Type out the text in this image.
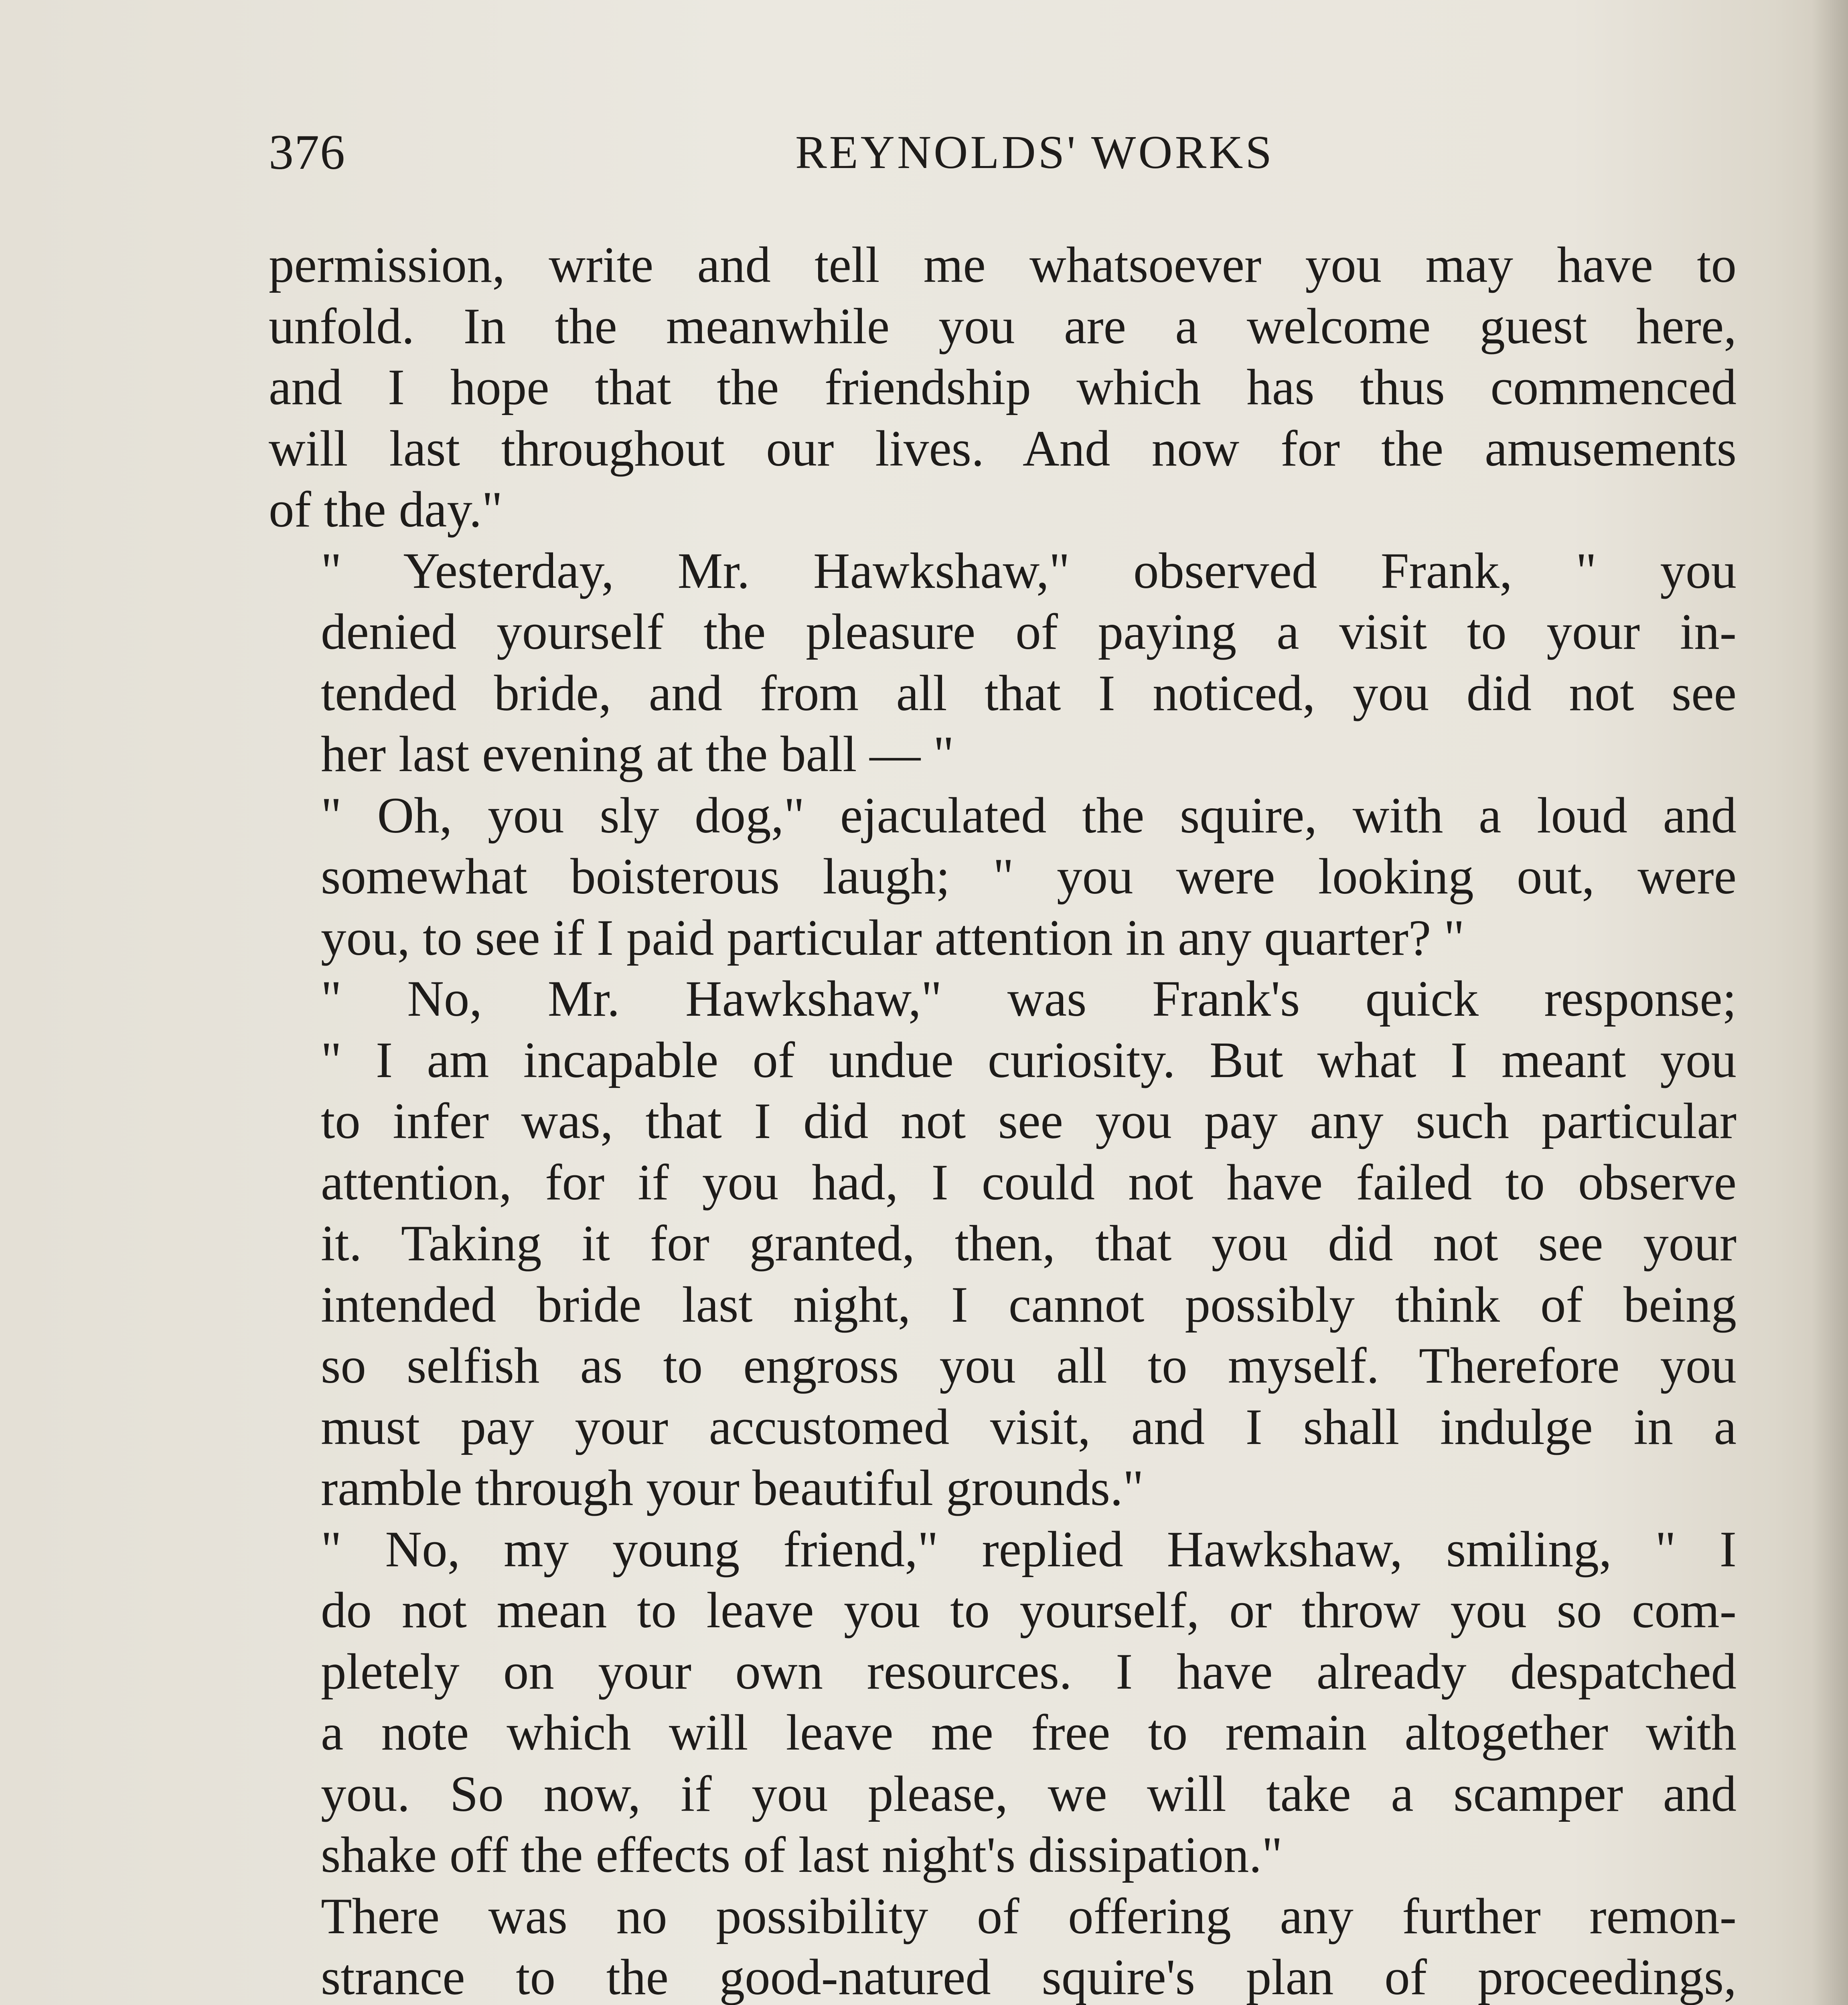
376	REYNOLDS' WORKS

permission, write and tell me whatsoever you may have to
unfold. In the meanwhile you are a welcome guest here,
and I hope that the friendship which has thus commenced
will last throughout our lives. And now for the amusements
of the day."

" Yesterday, Mr. Hawkshaw," observed Frank, " you
denied yourself the pleasure of paying a visit to your in-
tended bride, and from all that I noticed, you did not see
her last evening at the ball — "

" Oh, you sly dog," ejaculated the squire, with a loud and
somewhat boisterous laugh; " you were looking out, were
you, to see if I paid particular attention in any quarter? "

" No, Mr. Hawkshaw," was Frank's quick response;
" I am incapable of undue curiosity. But what I meant you
to infer was, that I did not see you pay any such particular
attention, for if you had, I could not have failed to observe
it. Taking it for granted, then, that you did not see your
intended bride last night, I cannot possibly think of being
so selfish as to engross you all to myself. Therefore you
must pay your accustomed visit, and I shall indulge in a
ramble through your beautiful grounds."

" No, my young friend," replied Hawkshaw, smiling, " I
do not mean to leave you to yourself, or throw you so com-
pletely on your own resources. I have already despatched
a note which will leave me free to remain altogether with
you. So now, if you please, we will take a scamper and
shake off the effects of last night's dissipation."

There was no possibility of offering any further remon-
strance to the good-natured squire's plan of proceedings,
